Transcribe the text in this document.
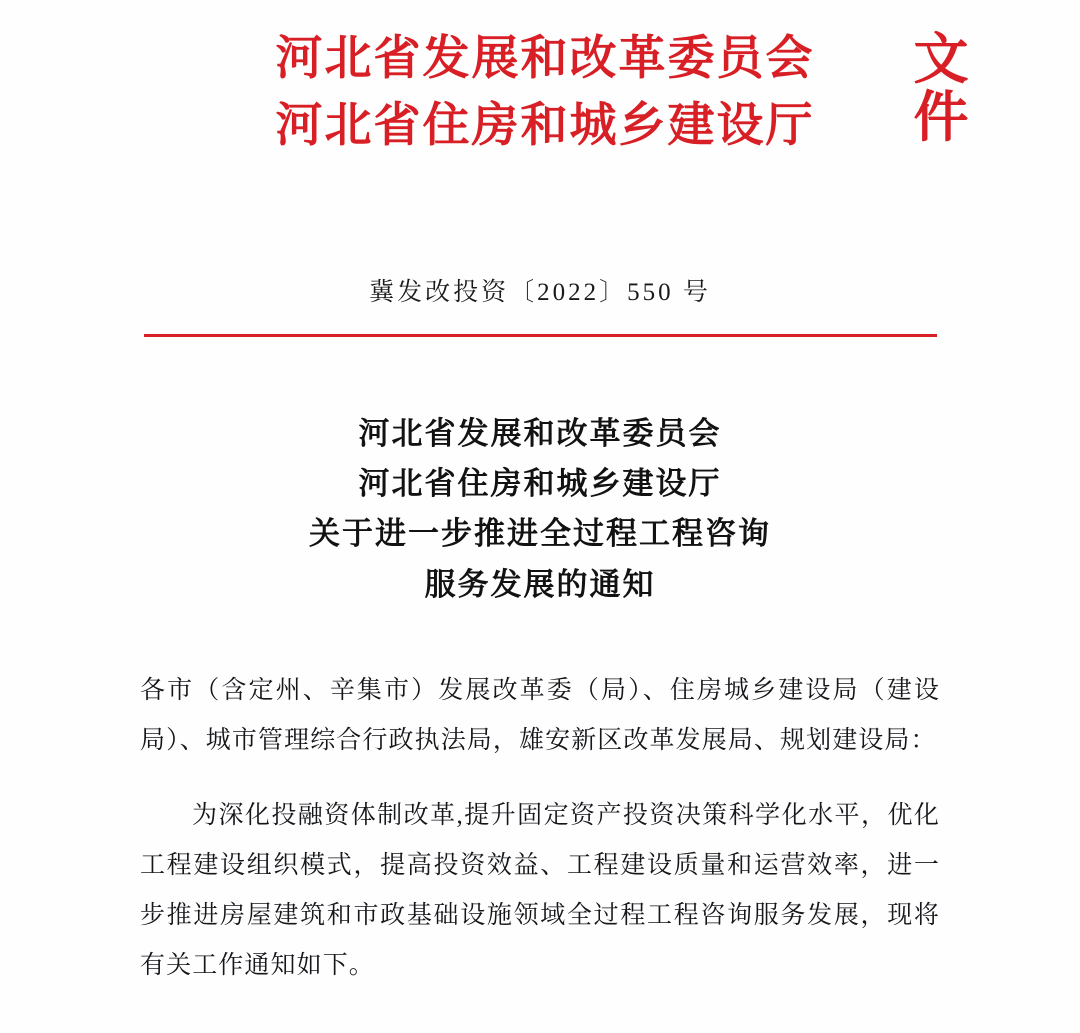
河北省发展和改革委员会
河北省住房和城乡建设厅
文件
冀发改投资〔2022〕550 号
河北省发展和改革委员会
河北省住房和城乡建设厅
关于进一步推进全过程工程咨询
服务发展的通知

各市（含定州、辛集市）发展改革委（局）、住房城乡建设局（建设局）、城市管理综合行政执法局，雄安新区改革发展局、规划建设局：

为深化投融资体制改革,提升固定资产投资决策科学化水平，优化工程建设组织模式，提高投资效益、工程建设质量和运营效率，进一步推进房屋建筑和市政基础设施领域全过程工程咨询服务发展，现将有关工作通知如下。
